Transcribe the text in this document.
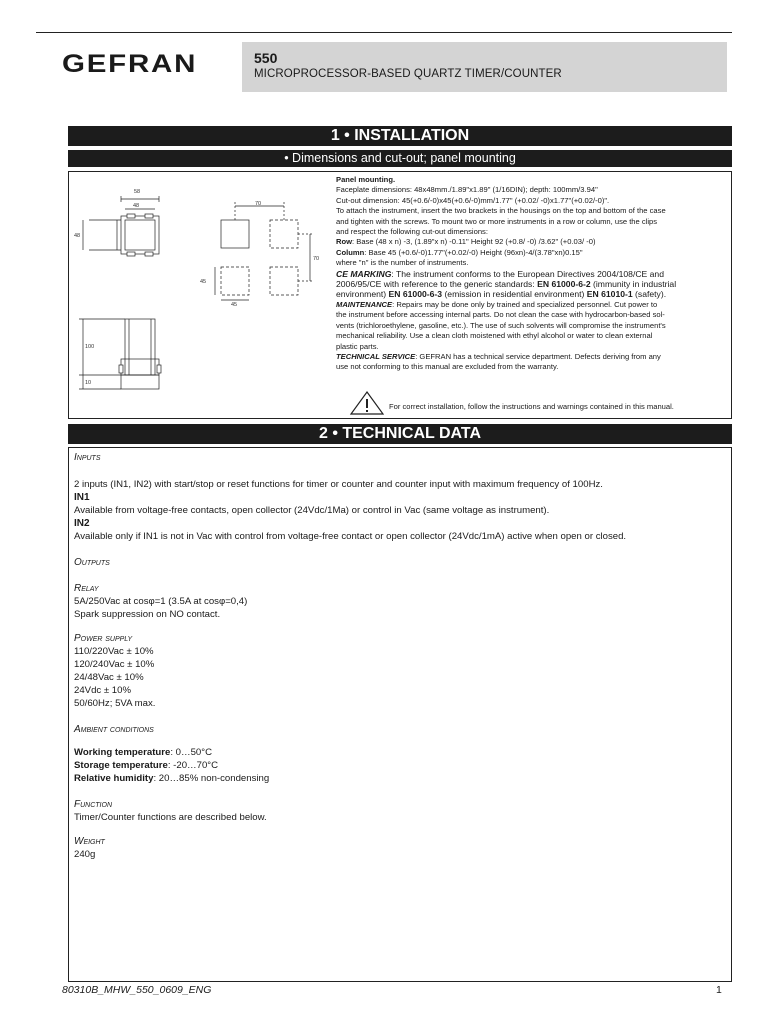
GEFRAN	550
MICROPROCESSOR-BASED QUARTZ TIMER/COUNTER
1 • INSTALLATION
• Dimensions and cut-out; panel mounting
58
48
48
70
70
45
45
100
10
Panel mounting.
Faceplate dimensions: 48x48mm./1.89"x1.89" (1/16DIN); depth: 100mm/3.94"
Cut-out dimension: 45(+0.6/-0)x45(+0.6/-0)mm/1.77" (+0.02/ -0)x1.77"(+0.02/-0)".
To attach the instrument, insert the two brackets in the housings on the top and bottom of the case
and tighten with the screws. To mount two or more instruments in a row or column, use the clips
and respect the following cut-out dimensions:
Row: Base (48 x n) -3, (1.89"x n) -0.11" Height 92 (+0.8/ -0) /3.62" (+0.03/ -0)
Column: Base 45 (+0.6/-0)1.77"(+0.02/-0) Height (96xn)-4/(3.78"xn)0.15"
where "n" is the number of instruments.
CE MARKING: The instrument conforms to the European Directives 2004/108/CE and
2006/95/CE with reference to the generic standards: EN 61000-6-2 (immunity in industrial
environment) EN 61000-6-3 (emission in residential environment) EN 61010-1 (safety).
MAINTENANCE: Repairs may be done only by trained and specialized personnel. Cut power to
the instrument before accessing internal parts. Do not clean the case with hydrocarbon-based sol-
vents (trichloroethylene, gasoline, etc.). The use of such solvents will compromise the instrument's
mechanical reliability. Use a clean cloth moistened with ethyl alcohol or water to clean external
plastic parts.
TECHNICAL SERVICE: GEFRAN has a technical service department. Defects deriving from any
use not conforming to this manual are excluded from the warranty.
For correct installation, follow the instructions and warnings contained in this manual.
2 • TECHNICAL DATA
Inputs
2 inputs (IN1, IN2) with start/stop or reset functions for timer or counter and counter input with maximum frequency of 100Hz.
IN1
Available from voltage-free contacts, open collector (24Vdc/1Ma) or control in Vac (same voltage as instrument).
IN2
Available only if IN1 is not in Vac with control from voltage-free contact or open collector (24Vdc/1mA) active when open or closed.
Outputs
Relay
5A/250Vac at cosφ=1 (3.5A at cosφ=0,4)
Spark suppression on NO contact.
Power supply
110/220Vac ± 10%
120/240Vac ± 10%
24/48Vac ± 10%
24Vdc ± 10%
50/60Hz; 5VA max.
Ambient conditions
Working temperature: 0…50°C
Storage temperature: -20…70°C
Relative humidity: 20…85% non-condensing
Function
Timer/Counter functions are described below.
Weight
240g
80310B_MHW_550_0609_ENG	1
